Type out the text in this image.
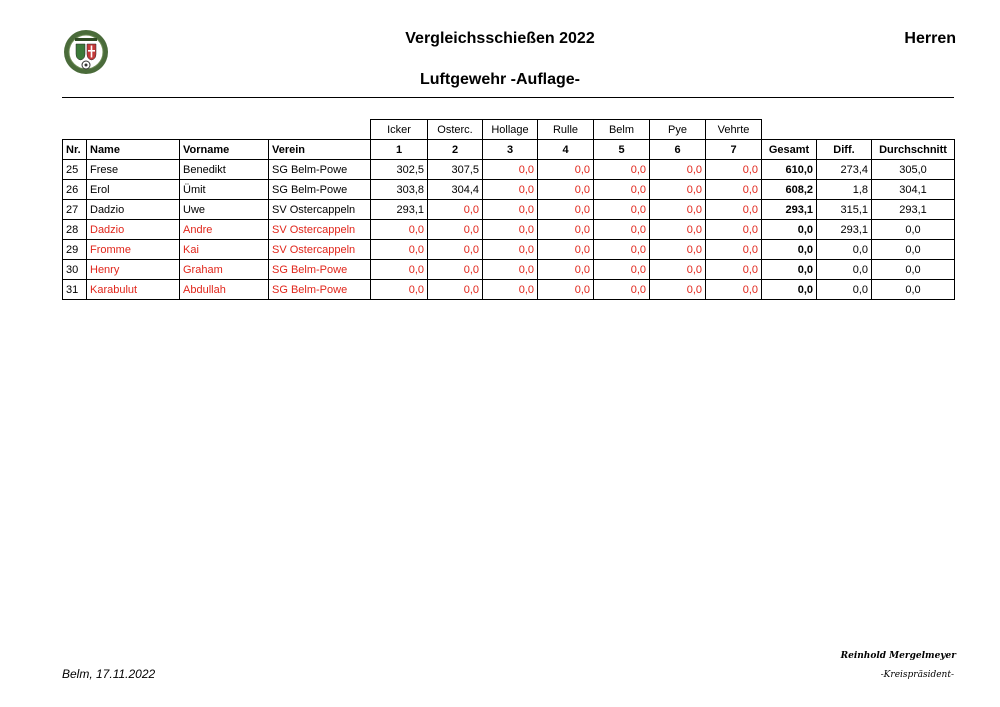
Vergleichsschießen 2022	Herren
Luftgewehr -Auflage-
				Icker	Osterc.	Hollage	Rulle	Belm	Pye	Vehrte			
Nr.	Name	Vorname	Verein	1	2	3	4	5	6	7	Gesamt	Diff.	Durchschnitt
25	Frese	Benedikt	SG Belm-Powe	302,5	307,5	0,0	0,0	0,0	0,0	0,0	610,0	273,4	305,0
26	Erol	Ümit	SG Belm-Powe	303,8	304,4	0,0	0,0	0,0	0,0	0,0	608,2	1,8	304,1
27	Dadzio	Uwe	SV Ostercappeln	293,1	0,0	0,0	0,0	0,0	0,0	0,0	293,1	315,1	293,1
28	Dadzio	Andre	SV Ostercappeln	0,0	0,0	0,0	0,0	0,0	0,0	0,0	0,0	293,1	0,0
29	Fromme	Kai	SV Ostercappeln	0,0	0,0	0,0	0,0	0,0	0,0	0,0	0,0	0,0	0,0
30	Henry	Graham	SG Belm-Powe	0,0	0,0	0,0	0,0	0,0	0,0	0,0	0,0	0,0	0,0
31	Karabulut	Abdullah	SG Belm-Powe	0,0	0,0	0,0	0,0	0,0	0,0	0,0	0,0	0,0	0,0
Belm, 17.11.2022
Reinhold Mergelmeyer
-Kreispräsident-
